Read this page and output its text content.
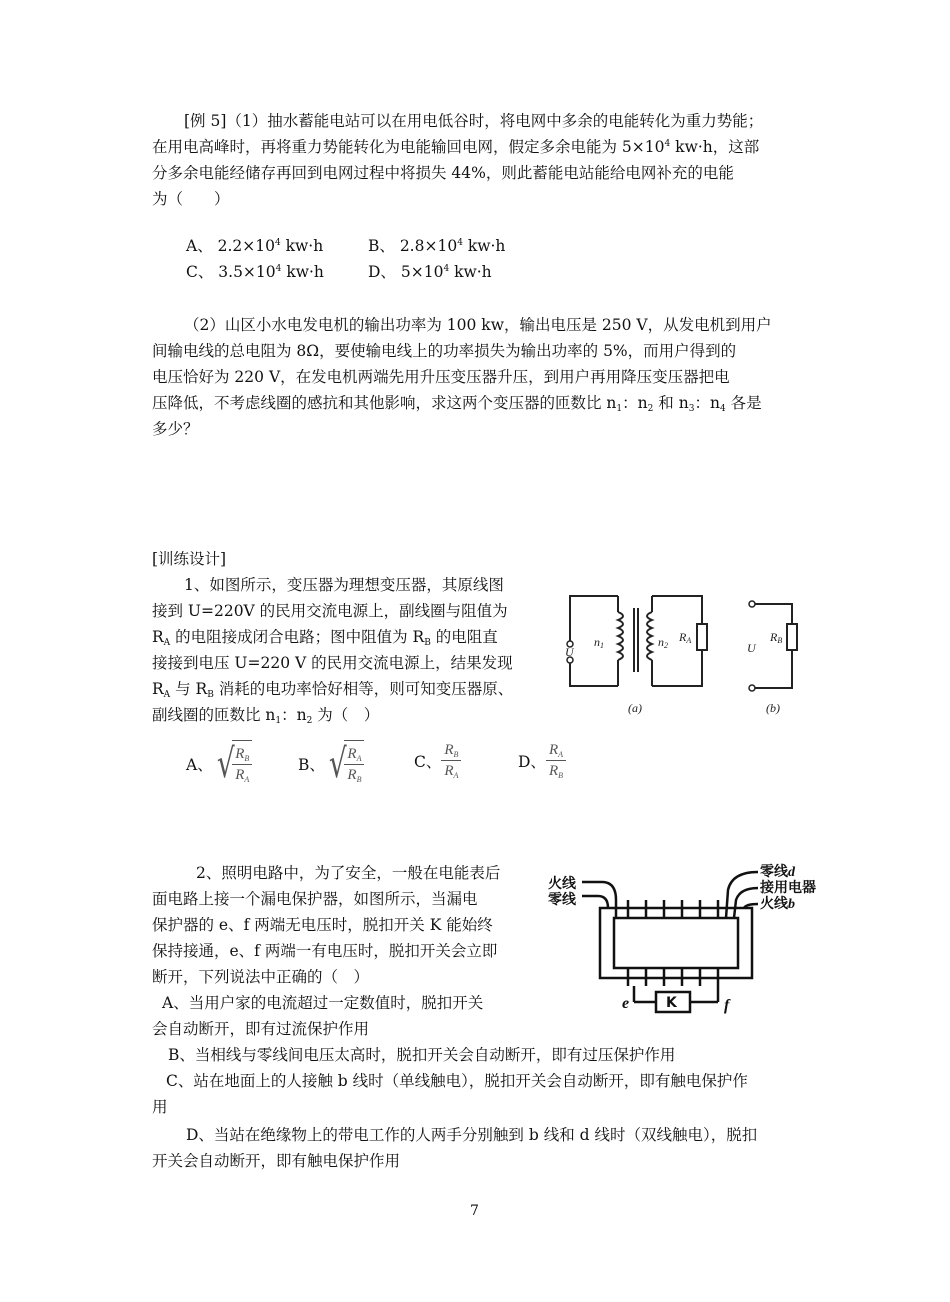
[例 5]（1）抽水蓄能电站可以在用电低谷时，将电网中多余的电能转化为重力势能；
在用电高峰时，再将重力势能转化为电能输回电网，假定多余电能为 $5\times 10^4$ kw·h，这部
分多余电能经储存再回到电网过程中将损失 44%，则此蓄能电站能给电网补充的电能
为（　　）
A、 $2.2\times 10^4$ kw·h	B、 $2.8\times 10^4$ kw·h
C、 $3.5\times 10^4$ kw·h	D、 $5\times 10^4$ kw·h
（2）山区小水电发电机的输出功率为 100 kw，输出电压是 250 V，从发电机到用户
间输电线的总电阻为 8Ω，要使输电线上的功率损失为输出功率的 5%，而用户得到的
电压恰好为 220 V，在发电机两端先用升压变压器升压，到用户再用降压变压器把电
压降低，不考虑线圈的感抗和其他影响，求这两个变压器的匝数比 $n_1$：$n_2$ 和 $n_3$：$n_4$ 各是
多少？
[训练设计]
1、如图所示，变压器为理想变压器，其原线图
接到 U=220V 的民用交流电源上，副线圈与阻值为
$R_A$ 的电阻接成闭合电路；图中阻值为 $R_B$ 的电阻直
接接到电压 U=220 V 的民用交流电源上，结果发现
$R_A$ 与 $R_B$ 消耗的电功率恰好相等，则可知变压器原、
副线圈的匝数比 $n_1$：$n_2$ 为（　）
A、 √
$\frac{R_B}{R_A}$	B、 √
$\frac{R_A}{R_B}$	C、 $\frac{R_B}{R_A}$	D、 $\frac{R_A}{R_B}$
U
n1	n2
RA
U
RB
(a)	(b)
2、照明电路中，为了安全，一般在电能表后
面电路上接一个漏电保护器，如图所示，当漏电
保护器的 e、f 两端无电压时，脱扣开关 K 能始终
保持接通，e、f 两端一有电压时，脱扣开关会立即
断开，下列说法中正确的（　）
A、当用户家的电流超过一定数值时，脱扣开关
会自动断开，即有过流保护作用
B、当相线与零线间电压太高时，脱扣开关会自动断开，即有过压保护作用
C、站在地面上的人接触 b 线时（单线触电），脱扣开关会自动断开，即有触电保护作
用
D、当站在绝缘物上的带电工作的人两手分别触到 b 线和 d 线时（双线触电），脱扣
开关会自动断开，即有触电保护作用
火线
零线
零线d
接用电器
火线b
K
e	f
7
